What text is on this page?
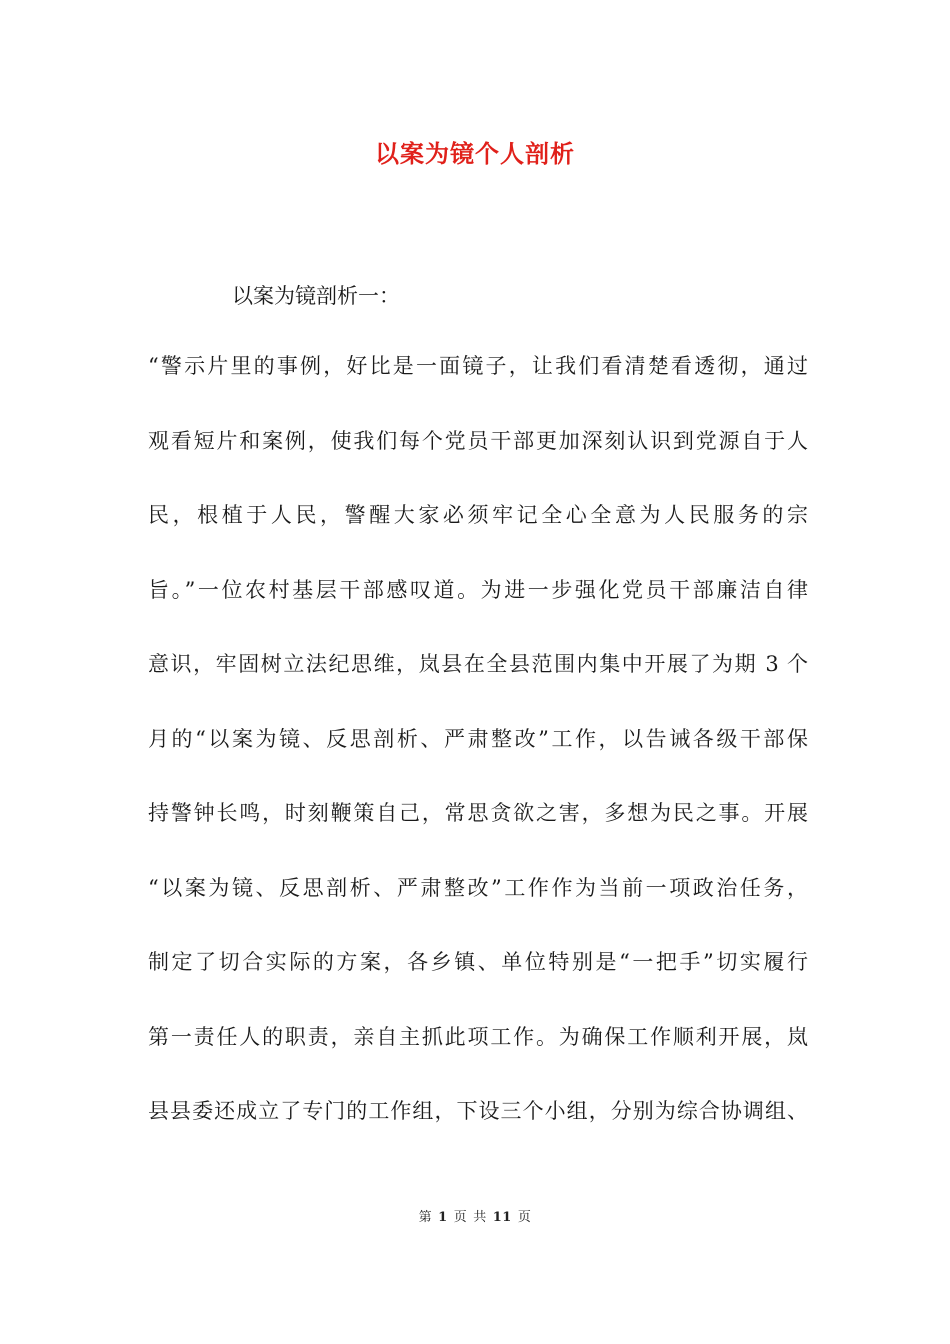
以案为镜个人剖析

以案为镜剖析一：

“警示片里的事例，好比是一面镜子，让我们看清楚看透彻，通过
观看短片和案例，使我们每个党员干部更加深刻认识到党源自于人
民，根植于人民，警醒大家必须牢记全心全意为人民服务的宗
旨。”一位农村基层干部感叹道。为进一步强化党员干部廉洁自律
意识，牢固树立法纪思维，岚县在全县范围内集中开展了为期 3 个
月的“以案为镜、反思剖析、严肃整改”工作，以告诫各级干部保
持警钟长鸣，时刻鞭策自己，常思贪欲之害，多想为民之事。开展
“以案为镜、反思剖析、严肃整改”工作作为当前一项政治任务，
制定了切合实际的方案，各乡镇、单位特别是“一把手”切实履行
第一责任人的职责，亲自主抓此项工作。为确保工作顺利开展，岚
县县委还成立了专门的工作组，下设三个小组，分别为综合协调组、
第 1 页 共 11 页
